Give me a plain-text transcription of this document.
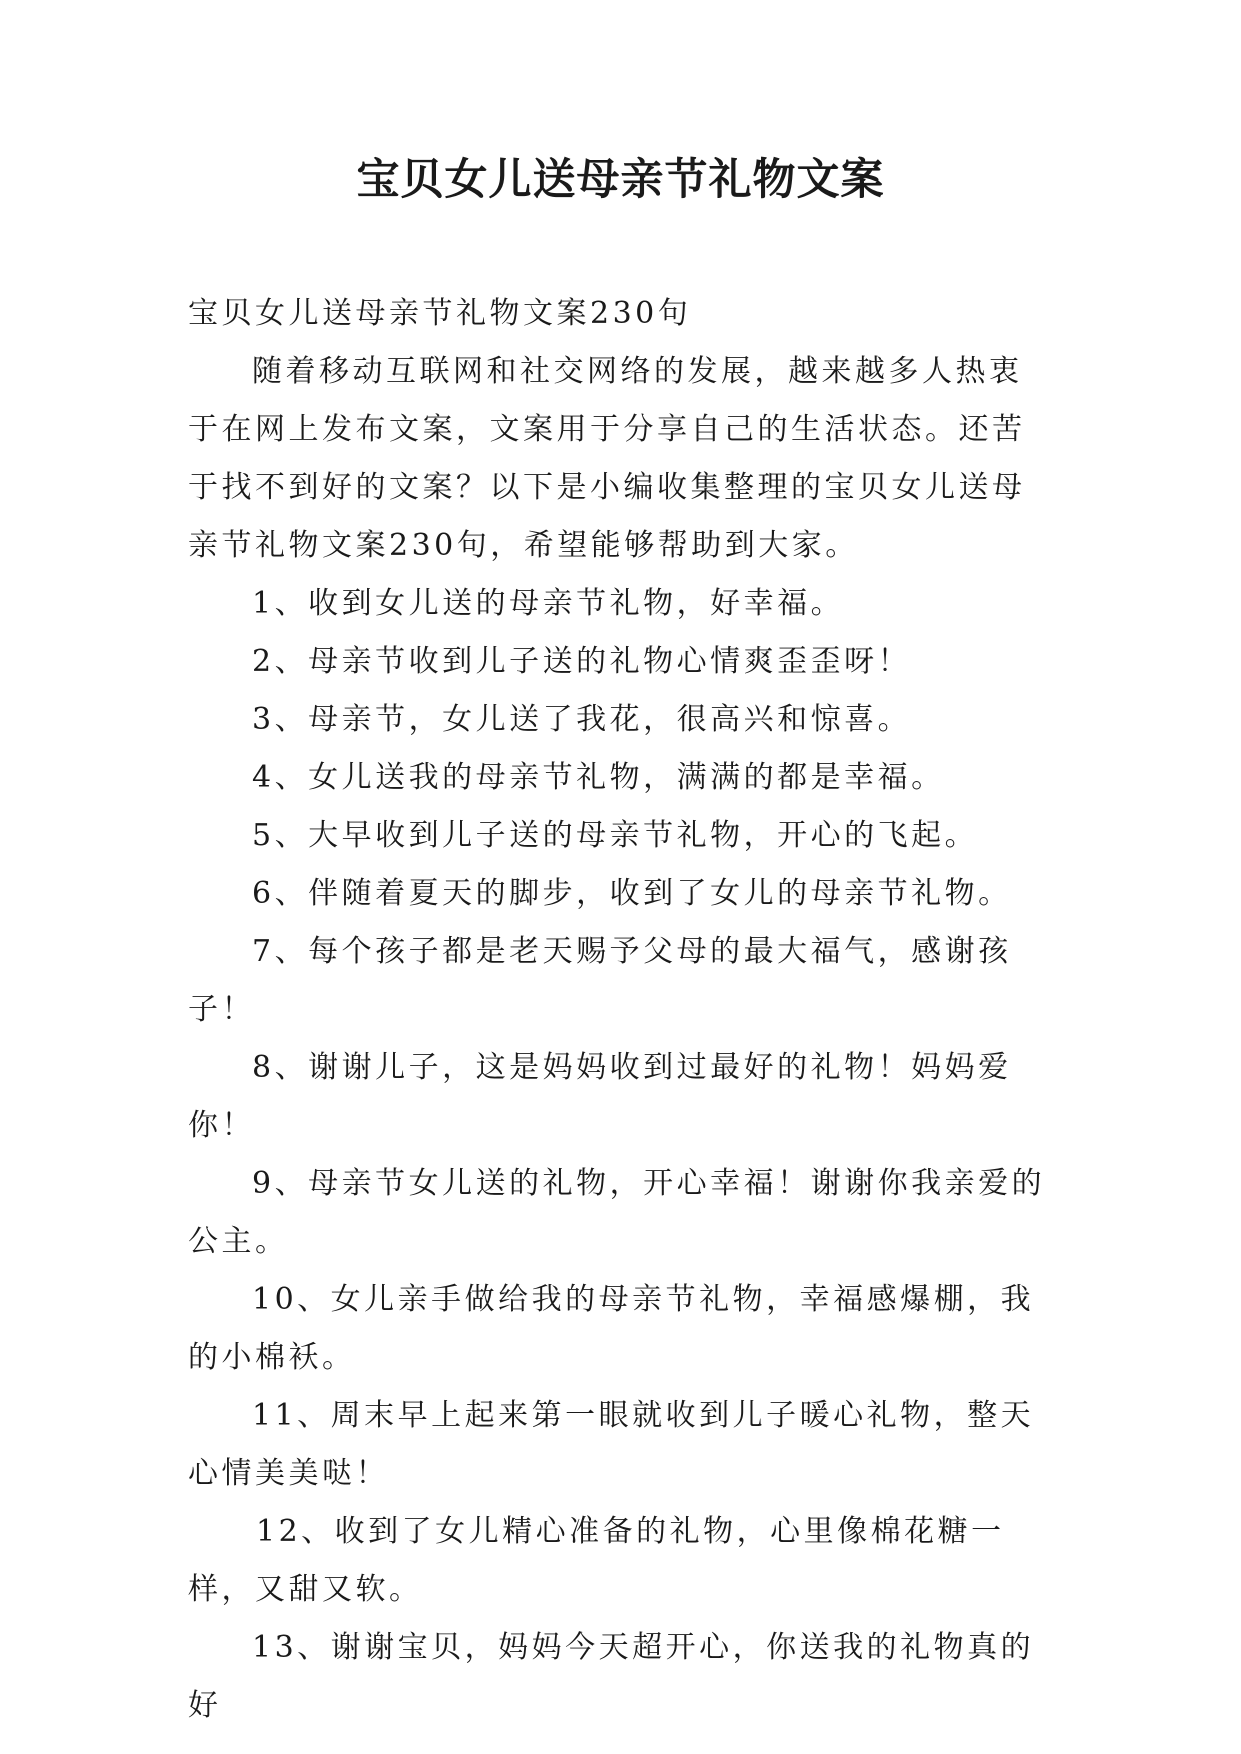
宝贝女儿送母亲节礼物文案

宝贝女儿送母亲节礼物文案230句

随着移动互联网和社交网络的发展，越来越多人热衷于在网上发布文案，文案用于分享自己的生活状态。还苦于找不到好的文案？以下是小编收集整理的宝贝女儿送母亲节礼物文案230句，希望能够帮助到大家。

1、收到女儿送的母亲节礼物，好幸福。

2、母亲节收到儿子送的礼物心情爽歪歪呀！

3、母亲节，女儿送了我花，很高兴和惊喜。

4、女儿送我的母亲节礼物，满满的都是幸福。

5、大早收到儿子送的母亲节礼物，开心的飞起。

6、伴随着夏天的脚步，收到了女儿的母亲节礼物。

7、每个孩子都是老天赐予父母的最大福气，感谢孩子！

8、谢谢儿子，这是妈妈收到过最好的礼物！妈妈爱你！

9、母亲节女儿送的礼物，开心幸福！谢谢你我亲爱的公主。

10、女儿亲手做给我的母亲节礼物，幸福感爆棚，我的小棉袄。

11、周末早上起来第一眼就收到儿子暖心礼物，整天心情美美哒！

12、收到了女儿精心准备的礼物，心里像棉花糖一样，又甜又软。

13、谢谢宝贝，妈妈今天超开心，你送我的礼物真的好
